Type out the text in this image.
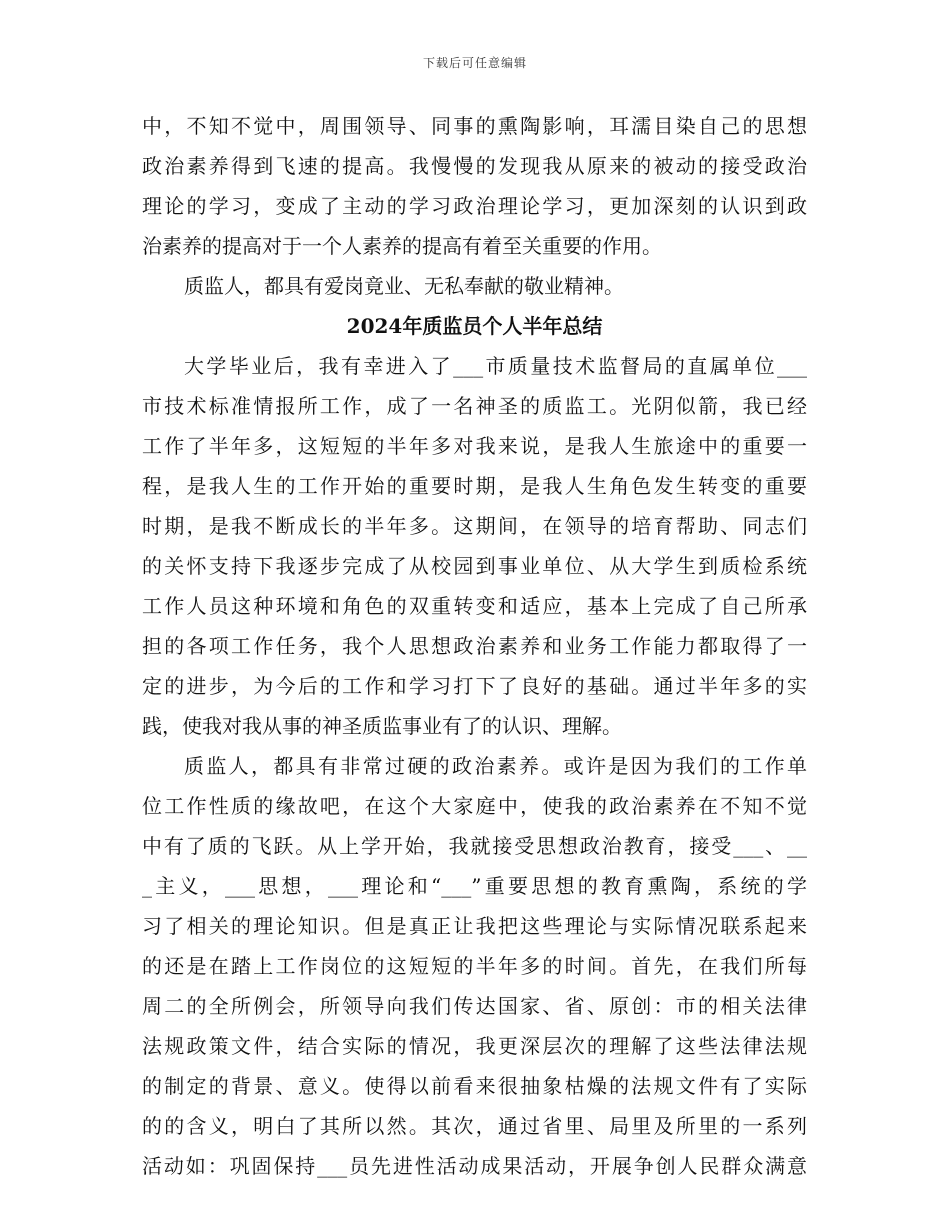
下载后可任意编辑
中，不知不觉中，周围领导、同事的熏陶影响，耳濡目染自己的思想
政治素养得到飞速的提高。我慢慢的发现我从原来的被动的接受政治
理论的学习，变成了主动的学习政治理论学习，更加深刻的认识到政
治素养的提高对于一个人素养的提高有着至关重要的作用。
质监人，都具有爱岗竟业、无私奉献的敬业精神。
2024年质监员个人半年总结
大学毕业后，我有幸进入了___市质量技术监督局的直属单位___
市技术标准情报所工作，成了一名神圣的质监工。光阴似箭，我已经
工作了半年多，这短短的半年多对我来说，是我人生旅途中的重要一
程，是我人生的工作开始的重要时期，是我人生角色发生转变的重要
时期，是我不断成长的半年多。这期间，在领导的培育帮助、同志们
的关怀支持下我逐步完成了从校园到事业单位、从大学生到质检系统
工作人员这种环境和角色的双重转变和适应，基本上完成了自己所承
担的各项工作任务，我个人思想政治素养和业务工作能力都取得了一
定的进步，为今后的工作和学习打下了良好的基础。通过半年多的实
践，使我对我从事的神圣质监事业有了的认识、理解。
质监人，都具有非常过硬的政治素养。或许是因为我们的工作单
位工作性质的缘故吧，在这个大家庭中，使我的政治素养在不知不觉
中有了质的飞跃。从上学开始，我就接受思想政治教育，接受___、__
_主义，___思想，___理论和“___”重要思想的教育熏陶，系统的学
习了相关的理论知识。但是真正让我把这些理论与实际情况联系起来
的还是在踏上工作岗位的这短短的半年多的时间。首先，在我们所每
周二的全所例会，所领导向我们传达国家、省、原创：市的相关法律
法规政策文件，结合实际的情况，我更深层次的理解了这些法律法规
的制定的背景、意义。使得以前看来很抽象枯燥的法规文件有了实际
的的含义，明白了其所以然。其次，通过省里、局里及所里的一系列
活动如：巩固保持___员先进性活动成果活动，开展争创人民群众满意
